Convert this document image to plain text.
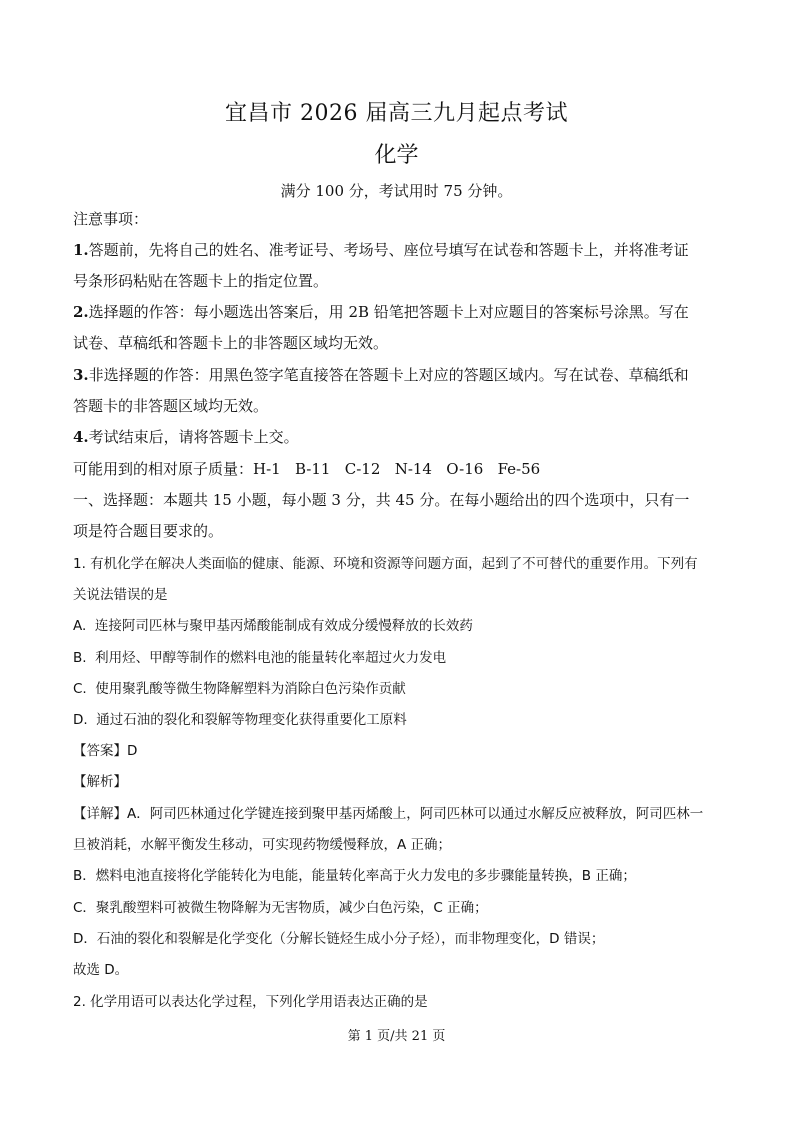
宜昌市 2026 届高三九月起点考试
化学
满分 100 分，考试用时 75 分钟。
注意事项：
1.答题前，先将自己的姓名、准考证号、考场号、座位号填写在试卷和答题卡上，并将准考证
号条形码粘贴在答题卡上的指定位置。
2.选择题的作答：每小题选出答案后，用 2B 铅笔把答题卡上对应题目的答案标号涂黑。写在
试卷、草稿纸和答题卡上的非答题区域均无效。
3.非选择题的作答：用黑色签字笔直接答在答题卡上对应的答题区域内。写在试卷、草稿纸和
答题卡的非答题区域均无效。
4.考试结束后，请将答题卡上交。
可能用到的相对原子质量：H-1   B-11   C-12   N-14   O-16   Fe-56
一、选择题：本题共 15 小题，每小题 3 分，共 45 分。在每小题给出的四个选项中，只有一
项是符合题目要求的。
1. 有机化学在解决人类面临的健康、能源、环境和资源等问题方面，起到了不可替代的重要作用。下列有
关说法错误的是
A.  连接阿司匹林与聚甲基丙烯酸能制成有效成分缓慢释放的长效药
B.  利用烃、甲醇等制作的燃料电池的能量转化率超过火力发电
C.  使用聚乳酸等微生物降解塑料为消除白色污染作贡献
D.  通过石油的裂化和裂解等物理变化获得重要化工原料
【答案】D
【解析】
【详解】A．阿司匹林通过化学键连接到聚甲基丙烯酸上，阿司匹林可以通过水解反应被释放，阿司匹林一
旦被消耗，水解平衡发生移动，可实现药物缓慢释放，A 正确；
B．燃料电池直接将化学能转化为电能，能量转化率高于火力发电的多步骤能量转换，B 正确；
C．聚乳酸塑料可被微生物降解为无害物质，减少白色污染，C 正确；
D．石油的裂化和裂解是化学变化（分解长链烃生成小分子烃），而非物理变化，D 错误；
故选 D。
2. 化学用语可以表达化学过程，下列化学用语表达正确的是
第 1 页/共 21 页
